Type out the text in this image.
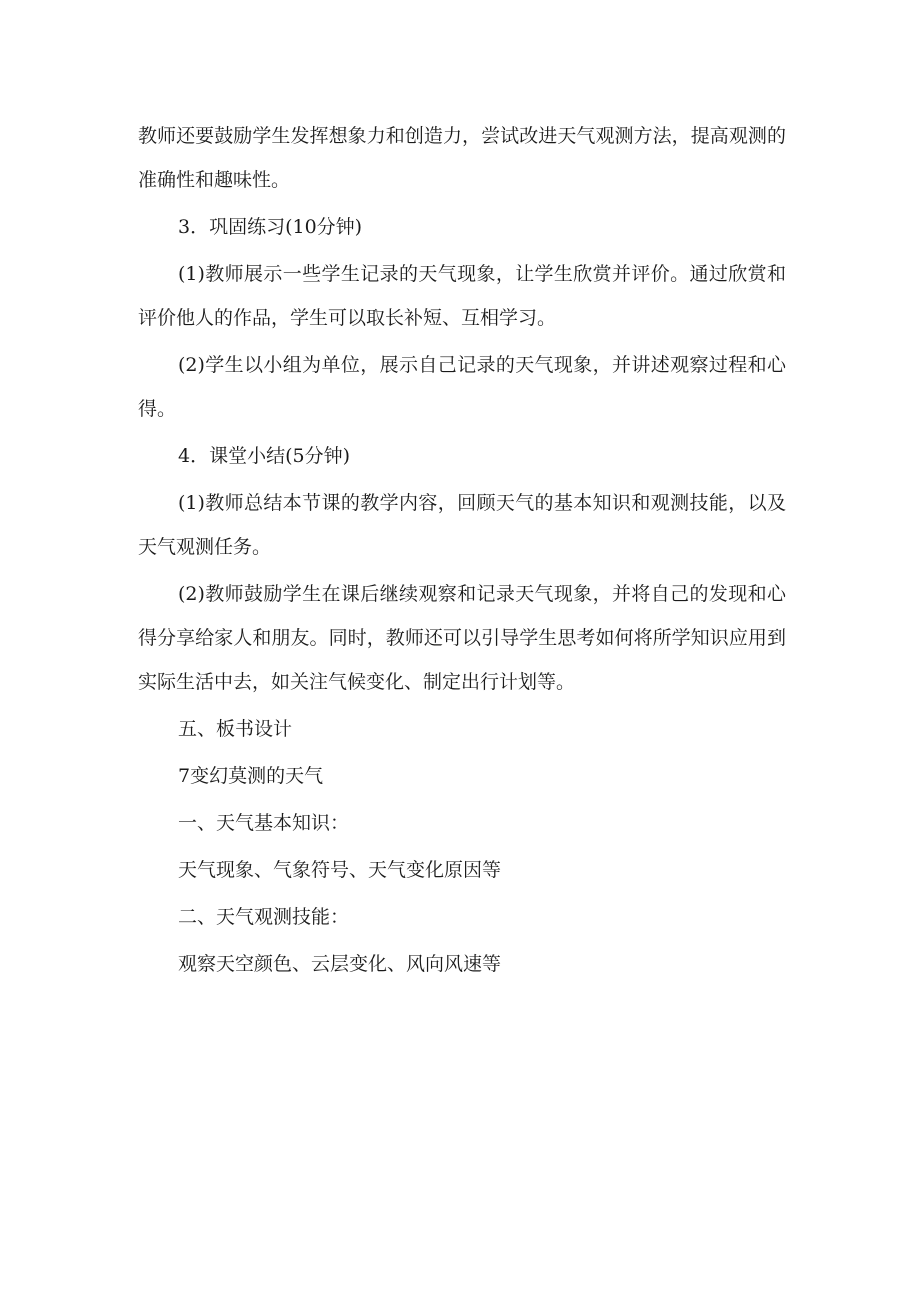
教师还要鼓励学生发挥想象力和创造力，尝试改进天气观测方法，提高观测的准确性和趣味性。

3．巩固练习(10分钟)

(1)教师展示一些学生记录的天气现象，让学生欣赏并评价。通过欣赏和评价他人的作品，学生可以取长补短、互相学习。

(2)学生以小组为单位，展示自己记录的天气现象，并讲述观察过程和心得。

4．课堂小结(5分钟)

(1)教师总结本节课的教学内容，回顾天气的基本知识和观测技能，以及天气观测任务。

(2)教师鼓励学生在课后继续观察和记录天气现象，并将自己的发现和心得分享给家人和朋友。同时，教师还可以引导学生思考如何将所学知识应用到实际生活中去，如关注气候变化、制定出行计划等。

五、板书设计

7变幻莫测的天气

一、天气基本知识：

天气现象、气象符号、天气变化原因等

二、天气观测技能：

观察天空颜色、云层变化、风向风速等
